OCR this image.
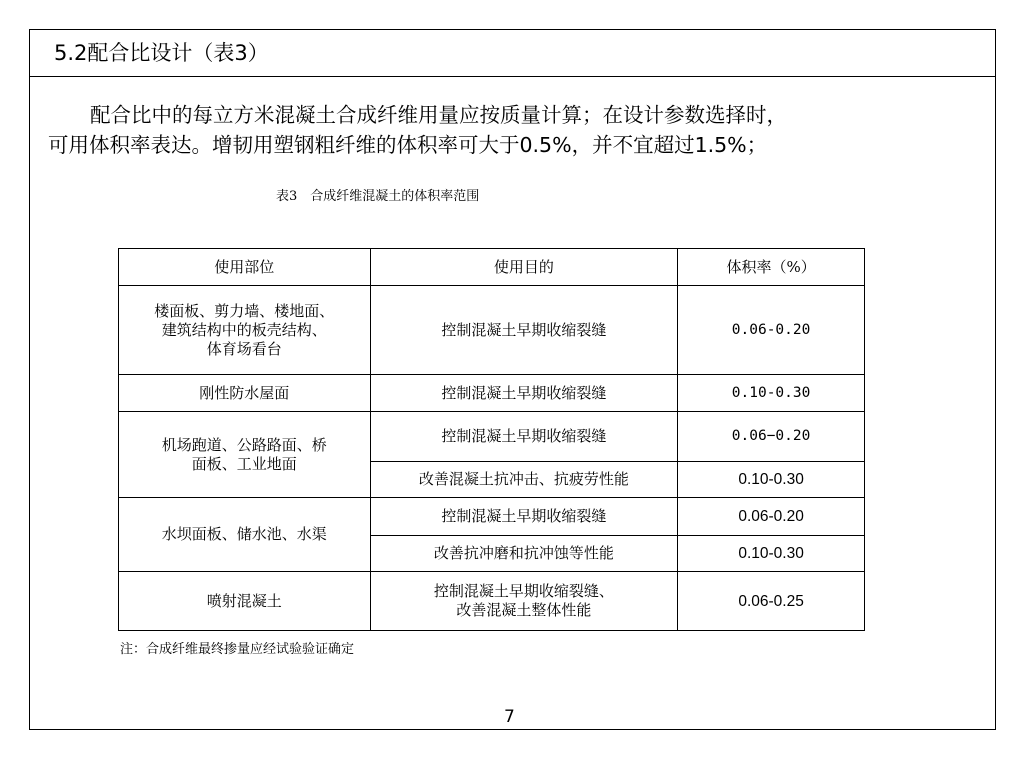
5.2配合比设计（表3）
配合比中的每立方米混凝土合成纤维用量应按质量计算；在设计参数选择时，
可用体积率表达。增韧用塑钢粗纤维的体积率可大于0.5%，并不宜超过1.5%；
表3　合成纤维混凝土的体积率范围
使用部位	使用目的	体积率（%）
楼面板、剪力墙、楼地面、
建筑结构中的板壳结构、
体育场看台	控制混凝土早期收缩裂缝	0.06-0.20
刚性防水屋面	控制混凝土早期收缩裂缝	0.10-0.30
机场跑道、公路路面、桥
面板、工业地面	控制混凝土早期收缩裂缝	0.06−0.20
	改善混凝土抗冲击、抗疲劳性能	0.10-0.30
水坝面板、储水池、水渠	控制混凝土早期收缩裂缝	0.06-0.20
	改善抗冲磨和抗冲蚀等性能	0.10-0.30
喷射混凝土	控制混凝土早期收缩裂缝、
改善混凝土整体性能	0.06-0.25
注：合成纤维最终掺量应经试验验证确定
7
